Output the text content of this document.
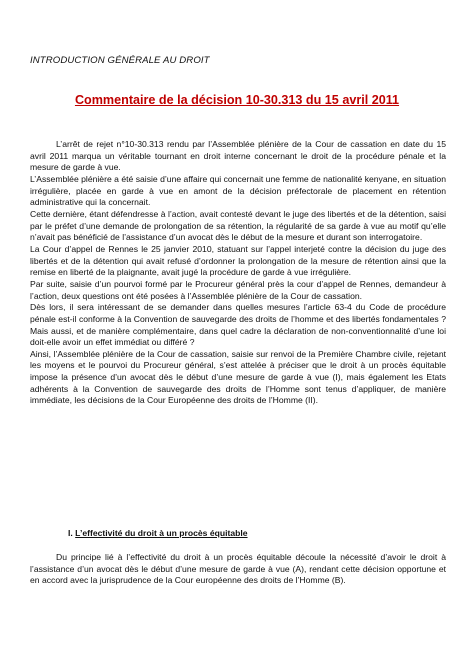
INTRODUCTION GÉNÉRALE AU DROIT
Commentaire de la décision 10-30.313 du 15 avril 2011

L’arrêt de rejet n°10-30.313 rendu par l’Assemblée plénière de la Cour de cassation en date du 15 avril 2011 marqua un véritable tournant en droit interne concernant le droit de la procédure pénale et la mesure de garde à vue.

L’Assemblée plénière a été saisie d’une affaire qui concernait une femme de nationalité kenyane, en situation irrégulière, placée en garde à vue en amont de la décision préfectorale de placement en rétention administrative qui la concernait.

Cette dernière, étant défendresse à l’action, avait contesté devant le juge des libertés et de la détention, saisi par le préfet d’une demande de prolongation de sa rétention, la régularité de sa garde à vue au motif qu’elle n’avait pas bénéficié de l’assistance d’un avocat dès le début de la mesure et durant son interrogatoire.

La Cour d’appel de Rennes le 25 janvier 2010, statuant sur l’appel interjeté contre la décision du juge des libertés et de la détention qui avait refusé d’ordonner la prolongation de la mesure de rétention ainsi que la remise en liberté de la plaignante, avait jugé la procédure de garde à vue irrégulière.

Par suite, saisie d’un pourvoi formé par le Procureur général près la cour d’appel de Rennes, demandeur à l’action, deux questions ont été posées à l’Assemblée plénière de la Cour de cassation.

Dès lors, il sera intéressant de se demander dans quelles mesures l’article 63-4 du Code de procédure pénale est-il conforme à la Convention de sauvegarde des droits de l’homme et des libertés fondamentales ? Mais aussi, et de manière complémentaire, dans quel cadre la déclaration de non-conventionnalité d’une loi doit-elle avoir un effet immédiat ou différé ?

Ainsi, l’Assemblée plénière de la Cour de cassation, saisie sur renvoi de la Première Chambre civile, rejetant les moyens et le pourvoi du Procureur général, s’est attelée à préciser que le droit à un procès équitable impose la présence d’un avocat dès le début d’une mesure de garde à vue (I), mais également les Etats adhérents à la Convention de sauvegarde des droits de l’Homme sont tenus d’appliquer, de manière immédiate, les décisions de la Cour Européenne des droits de l’Homme (II).

I. L’effectivité du droit à un procès équitable

Du principe lié à l’effectivité du droit à un procès équitable découle la nécessité d’avoir le droit à l’assistance d’un avocat dès le début d’une mesure de garde à vue (A), rendant cette décision opportune et en accord avec la jurisprudence de la Cour européenne des droits de l’Homme (B).
